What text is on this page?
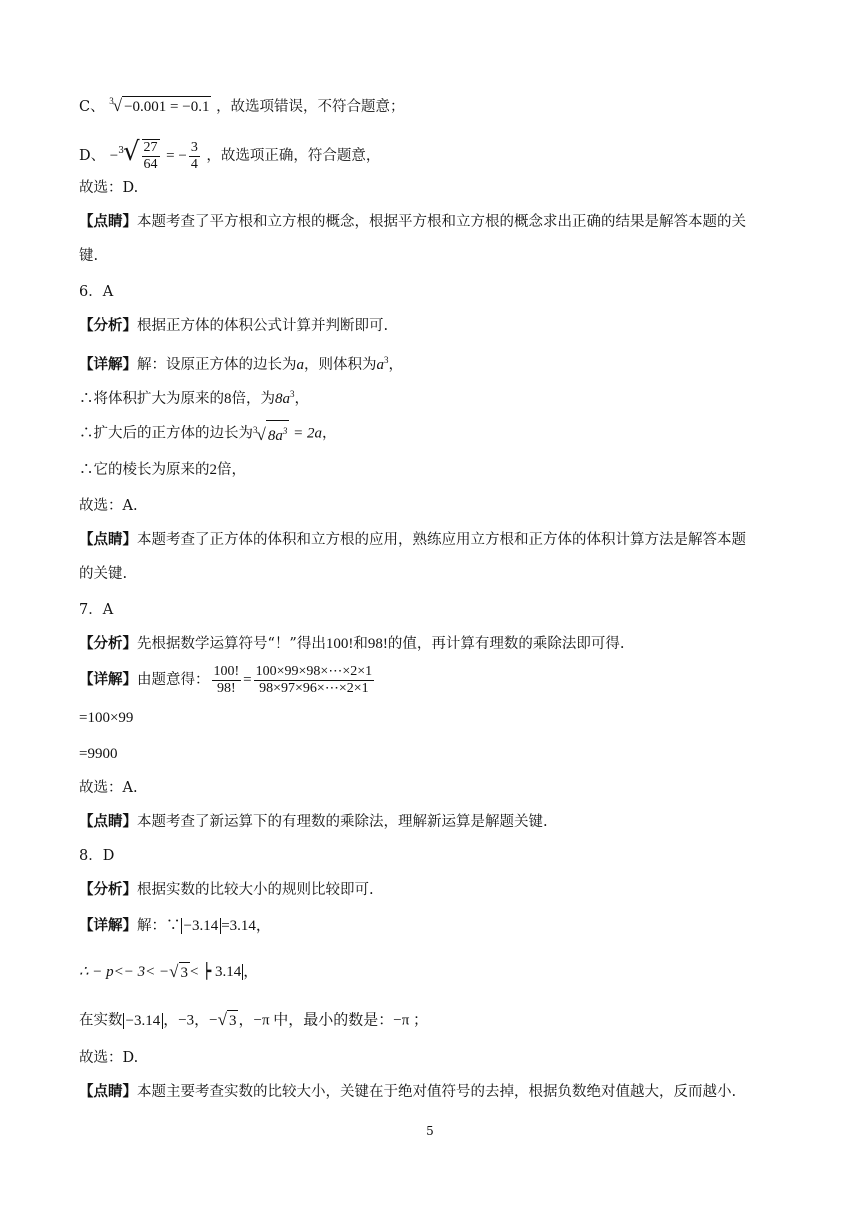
C、 $^3$√ −0.001 = −0.1 ，故选项错误，不符合题意；
D、 $-^3√ \frac{27}{64}$ = − $\frac{3}{4}$ ，故选项正确，符合题意，
故选：D.
【点睛】本题考查了平方根和立方根的概念，根据平方根和立方根的概念求出正确的结果是解答本题的关
键.
6．A
【分析】根据正方体的体积公式计算并判断即可.
【详解】解：设原正方体的边长为a，则体积为$a^3$，
∴将体积扩大为原来的8倍，为$8a^3$，
∴扩大后的正方体的边长为$^3$√ $8a^3 = 2a$，
∴它的棱长为原来的2倍，
故选：A.
【点睛】本题考查了正方体的体积和立方根的应用，熟练应用立方根和正方体的体积计算方法是解答本题
的关键.
7．A
【分析】先根据数学运算符号“！”得出100!和98!的值，再计算有理数的乘除法即可得.
【详解】由题意得： $\frac{100!}{98!} = \frac{100\times 99\times 98\times\cdots\times 2\times 1}{98\times 97\times 96\times\cdots\times 2\times 1}$
=100×99
=9900
故选：A.
【点睛】本题考查了新运算下的有理数的乘除法，理解新运算是解题关键.
8．D
【分析】根据实数的比较大小的规则比较即可.
【详解】解：∵ −3.14 =3.14，
∴ − p<− 3< −√ 3 < ┝ 3.14 ，
在实数 −3.14 ，−3，−√ 3 ，−π 中，最小的数是：−π ；
故选：D.
【点睛】本题主要考查实数的比较大小，关键在于绝对值符号的去掉，根据负数绝对值越大，反而越小.
5
